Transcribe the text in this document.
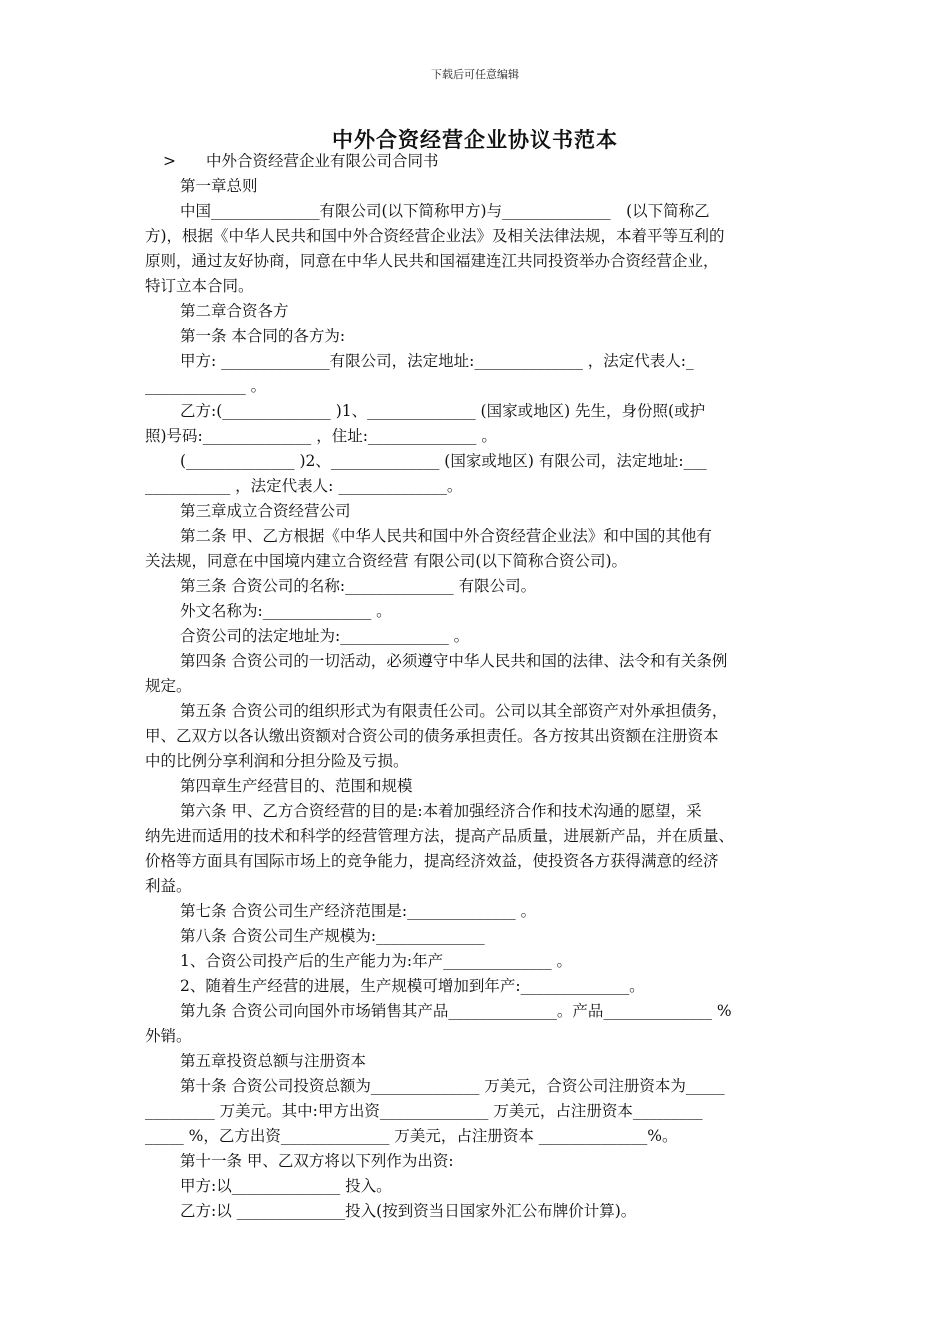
下载后可任意编辑
中外合资经营企业协议书范本
> 中外合资经营企业有限公司合同书
第一章总则
中国______________有限公司(以下简称甲方)与______________　(以下简称乙
方)，根据《中华人民共和国中外合资经营企业法》及相关法律法规，本着平等互利的
原则，通过友好协商，同意在中华人民共和国福建连江共同投资举办合资经营企业，
特订立本合同。
第二章合资各方
第一条 本合同的各方为:
甲方: ______________有限公司，法定地址:______________ ，法定代表人:_
_____________ 。
乙方:(______________ )1、______________ (国家或地区) 先生，身份照(或护
照)号码:______________ ，住址:______________ 。
(______________ )2、______________ (国家或地区) 有限公司，法定地址:___
___________ ，法定代表人: ______________。
第三章成立合资经营公司
第二条 甲、乙方根据《中华人民共和国中外合资经营企业法》和中国的其他有
关法规，同意在中国境内建立合资经营 有限公司(以下简称合资公司)。
第三条 合资公司的名称:______________ 有限公司。
外文名称为:______________ 。
合资公司的法定地址为:______________ 。
第四条 合资公司的一切活动，必须遵守中华人民共和国的法律、法令和有关条例
规定。
第五条 合资公司的组织形式为有限责任公司。公司以其全部资产对外承担债务，
甲、乙双方以各认缴出资额对合资公司的债务承担责任。各方按其出资额在注册资本
中的比例分享利润和分担分险及亏损。
第四章生产经营目的、范围和规模
第六条 甲、乙方合资经营的目的是:本着加强经济合作和技术沟通的愿望，采
纳先进而适用的技术和科学的经营管理方法，提高产品质量，进展新产品，并在质量、
价格等方面具有国际市场上的竞争能力，提高经济效益，使投资各方获得满意的经济
利益。
第七条 合资公司生产经济范围是:______________ 。
第八条 合资公司生产规模为:______________
1、合资公司投产后的生产能力为:年产______________ 。
2、随着生产经营的进展，生产规模可增加到年产:______________。
第九条 合资公司向国外市场销售其产品______________。产品______________ %
外销。
第五章投资总额与注册资本
第十条 合资公司投资总额为______________ 万美元，合资公司注册资本为_____
_________ 万美元。其中:甲方出资______________ 万美元，占注册资本_________
_____ %，乙方出资______________ 万美元，占注册资本 ______________%。
第十一条 甲、乙双方将以下列作为出资:
甲方:以______________ 投入。
乙方:以 ______________投入(按到资当日国家外汇公布牌价计算)。
